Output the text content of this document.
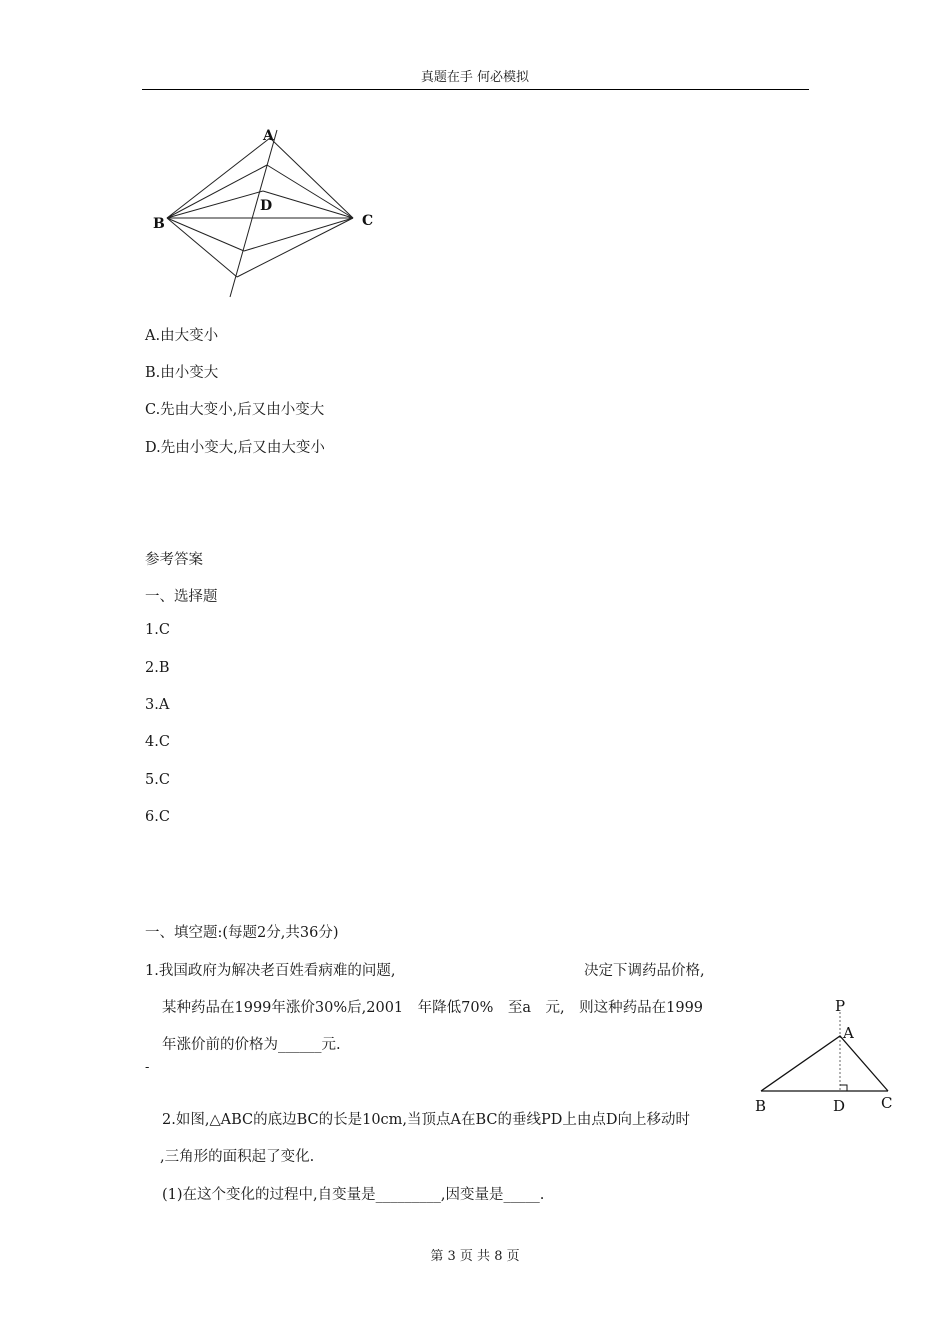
真题在手 何必模拟
A
B	C
D
A.由大变小
B.由小变大
C.先由大变小,后又由小变大
D.先由小变大,后又由大变小
参考答案
一、选择题
1.C
2.B
3.A
4.C
5.C
6.C
一、填空题:(每题2分,共36分)
1.我国政府为解决老百姓看病难的问题,	决定下调药品价格,
某种药品在1999年涨价30%后,2001　年降低70%　至a　元,　则这种药品在1999
年涨价前的价格为______元.
-
2.如图,△ABC的底边BC的长是10cm,当顶点A在BC的垂线PD上由点D向上移动时
,三角形的面积起了变化.
(1)在这个变化的过程中,自变量是_________,因变量是_____.
P
A
B	D C
第 3 页 共 8 页
